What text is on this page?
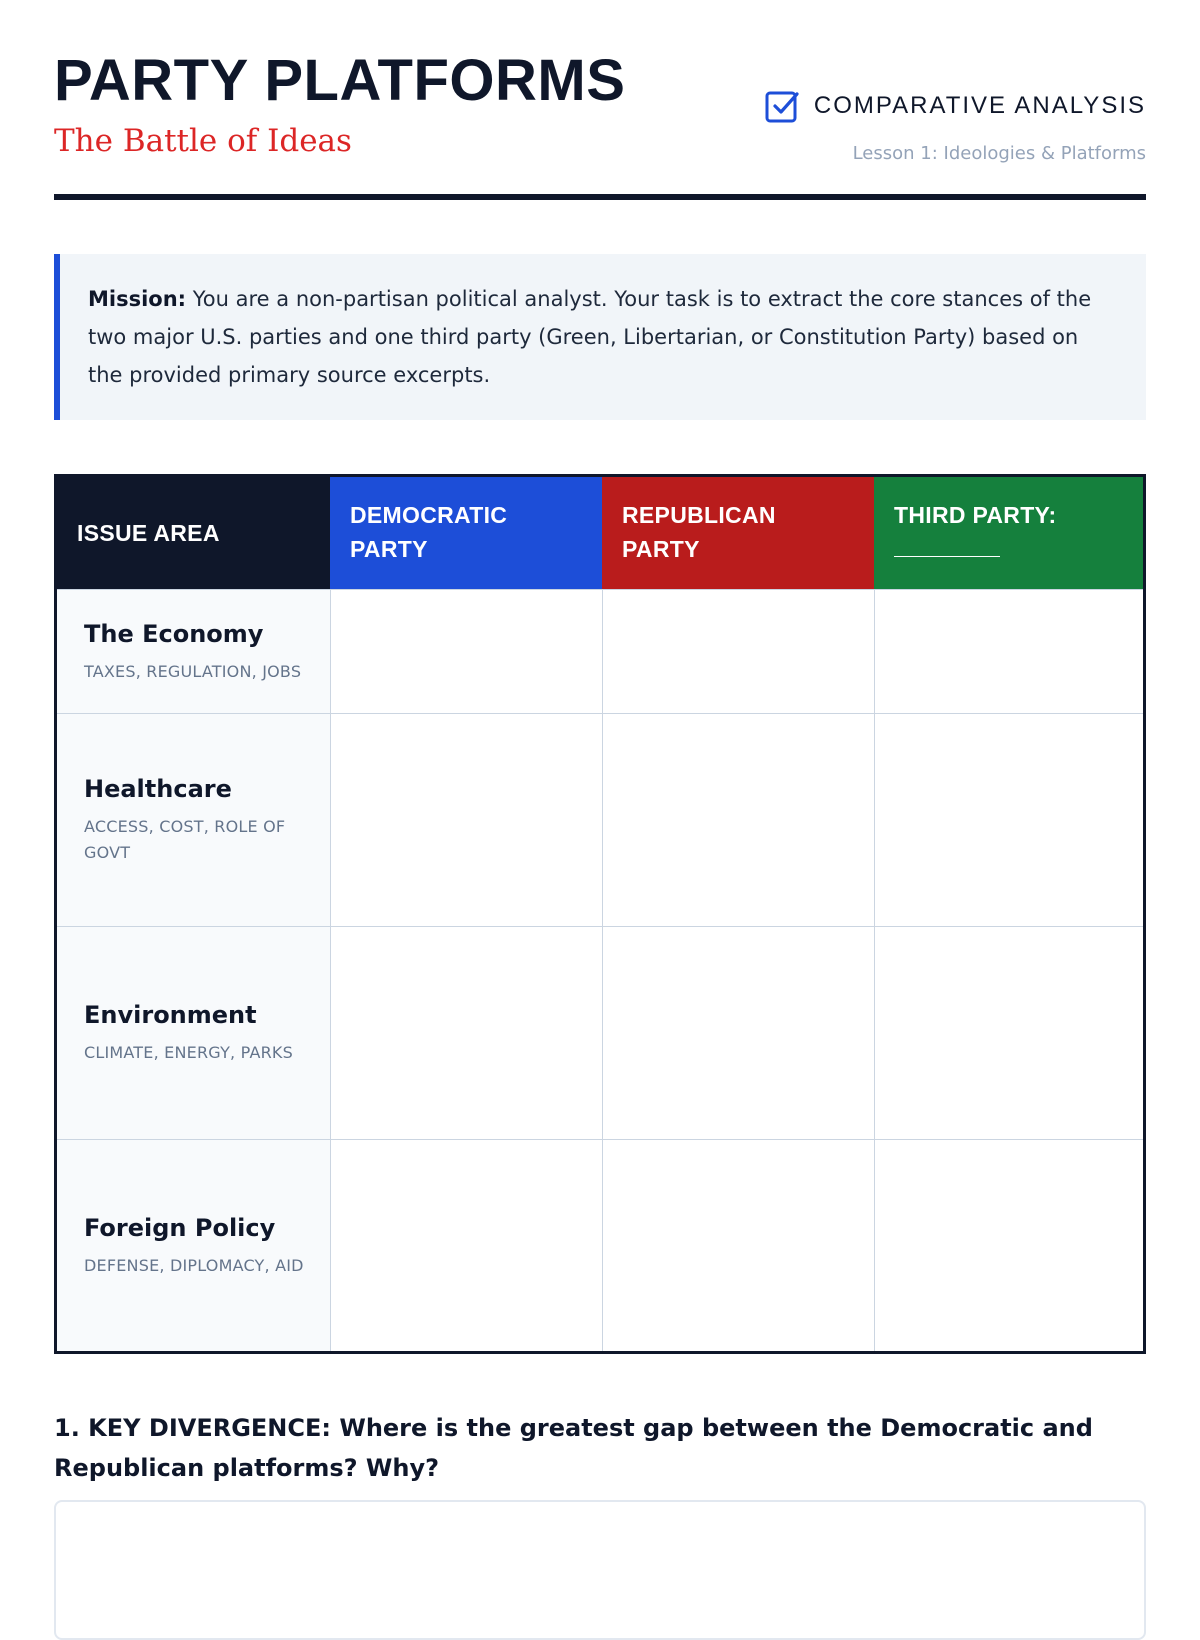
PARTY PLATFORMS
The Battle of Ideas
COMPARATIVE ANALYSIS
Lesson 1: Ideologies & Platforms
Mission: You are a non-partisan political analyst. Your task is to extract the core stances of the two major U.S. parties and one third party (Green, Libertarian, or Constitution Party) based on the provided primary source excerpts.
ISSUE AREA
DEMOCRATIC
PARTY
REPUBLICAN
PARTY
THIRD PARTY:
The Economy
TAXES, REGULATION, JOBS
Healthcare
ACCESS, COST, ROLE OF GOVT
Environment
CLIMATE, ENERGY, PARKS
Foreign Policy
DEFENSE, DIPLOMACY, AID

1. KEY DIVERGENCE: Where is the greatest gap between the Democratic and Republican platforms? Why?
